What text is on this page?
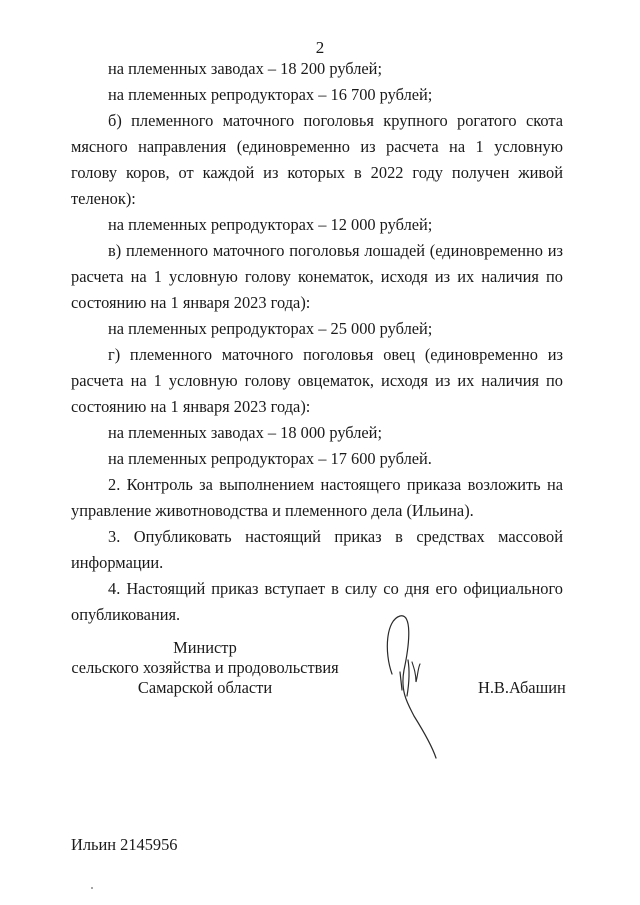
2

на племенных заводах – 18 200 рублей;

на племенных репродукторах – 16 700 рублей;

б) племенного маточного поголовья крупного рогатого скота мясного направления (единовременно из расчета на 1 условную голову коров, от каждой из которых в 2022 году получен живой теленок):

на племенных репродукторах – 12 000 рублей;

в) племенного маточного поголовья лошадей (единовременно из расчета на 1 условную голову конематок, исходя из их наличия по состоянию на 1 января 2023 года):

на племенных репродукторах – 25 000 рублей;

г) племенного маточного поголовья овец (единовременно из расчета на 1 условную голову овцематок, исходя из их наличия по состоянию на 1 января 2023 года):

на племенных заводах – 18 000 рублей;

на племенных репродукторах – 17 600 рублей.

2. Контроль за выполнением настоящего приказа возложить на управление животноводства и племенного дела (Ильина).

3. Опубликовать настоящий приказ в средствах массовой информации.

4. Настоящий приказ вступает в силу со дня его официального опубликования.

Министр
сельского хозяйства и продовольствия
Самарской области	Н.В.Абашин
Ильин 2145956
